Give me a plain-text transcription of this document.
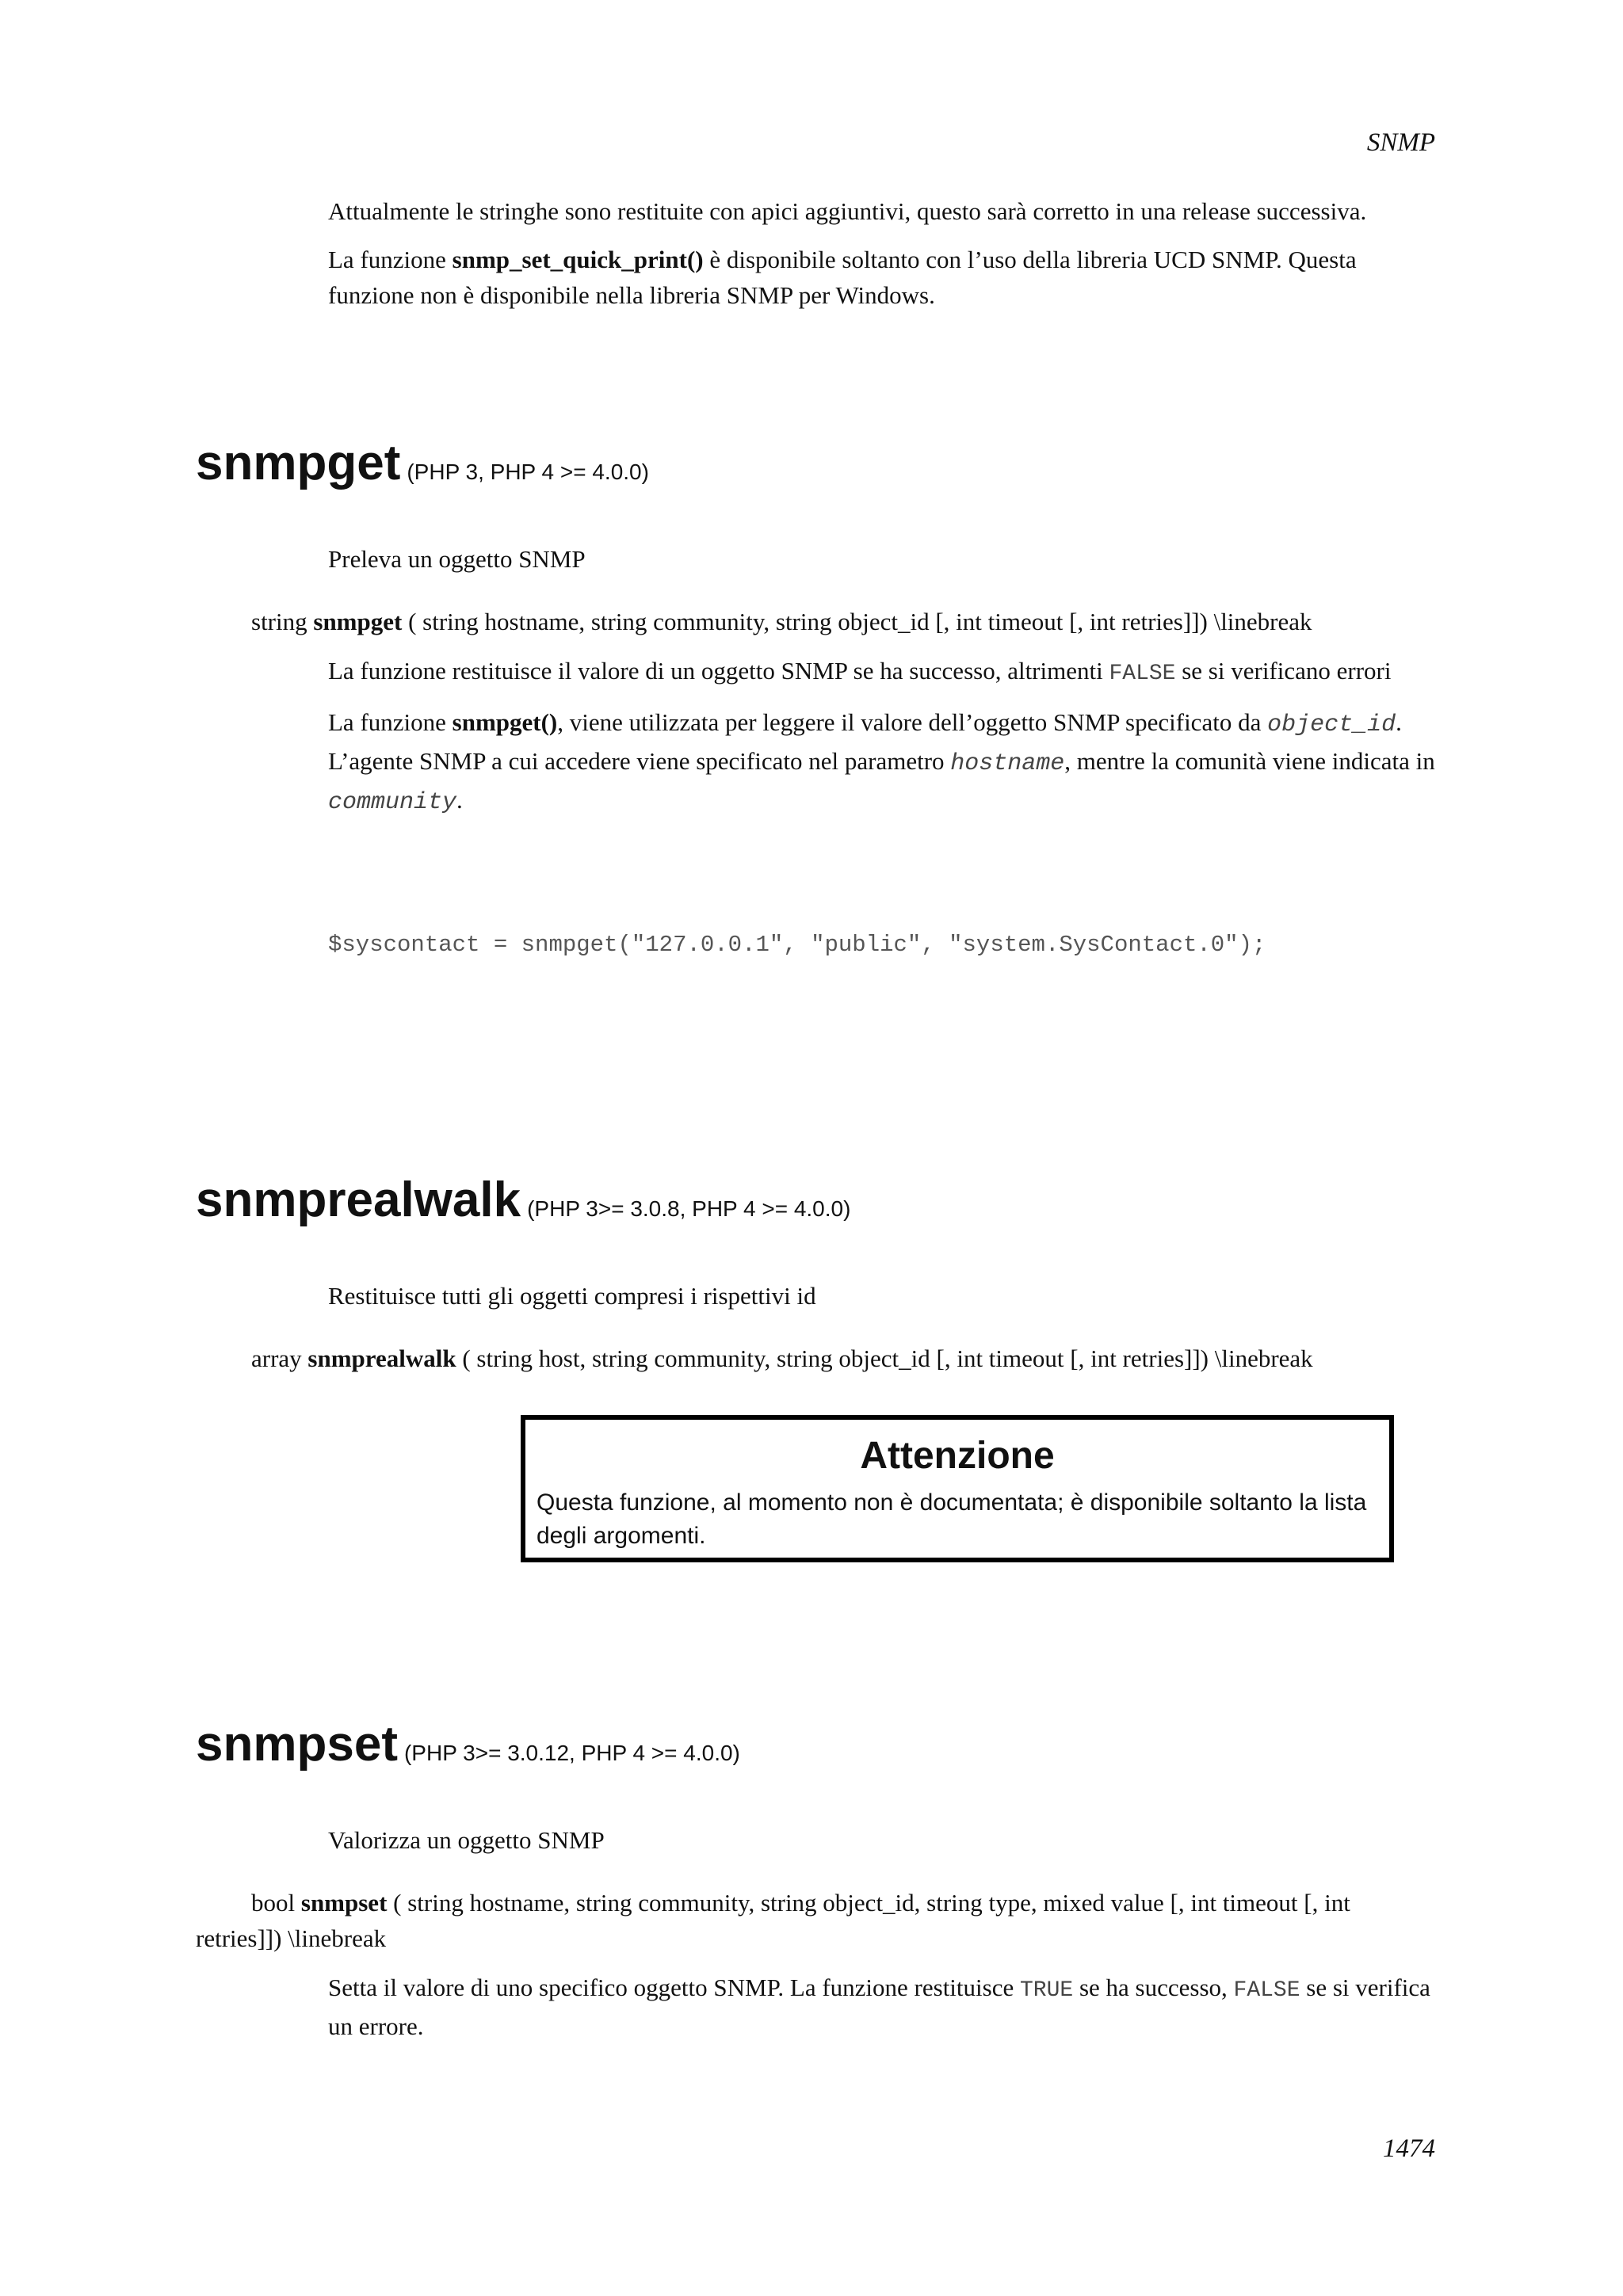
SNMP

Attualmente le stringhe sono restituite con apici aggiuntivi, questo sarà corretto in una release successiva.

La funzione snmp_set_quick_print() è disponibile soltanto con l’uso della libreria UCD SNMP. Questa funzione non è disponibile nella libreria SNMP per Windows.

snmpget (PHP 3, PHP 4 >= 4.0.0)
Preleva un oggetto SNMP
string snmpget ( string hostname, string community, string object_id [, int timeout [, int retries]]) \linebreak

La funzione restituisce il valore di un oggetto SNMP se ha successo, altrimenti FALSE se si verificano errori

La funzione snmpget(), viene utilizzata per leggere il valore dell’oggetto SNMP specificato da object_id. L’agente SNMP a cui accedere viene specificato nel parametro hostname, mentre la comunità viene indicata in community.

$syscontact = snmpget("127.0.0.1", "public", "system.SysContact.0");
snmprealwalk (PHP 3>= 3.0.8, PHP 4 >= 4.0.0)
Restituisce tutti gli oggetti compresi i rispettivi id
array snmprealwalk ( string host, string community, string object_id [, int timeout [, int retries]]) \linebreak
Attenzione
Questa funzione, al momento non è documentata; è disponibile soltanto la lista degli argomenti.
snmpset (PHP 3>= 3.0.12, PHP 4 >= 4.0.0)
Valorizza un oggetto SNMP
bool snmpset ( string hostname, string community, string object_id, string type, mixed value [, int timeout [, int retries]]) \linebreak

Setta il valore di uno specifico oggetto SNMP. La funzione restituisce TRUE se ha successo, FALSE se si verifica un errore.

1474
